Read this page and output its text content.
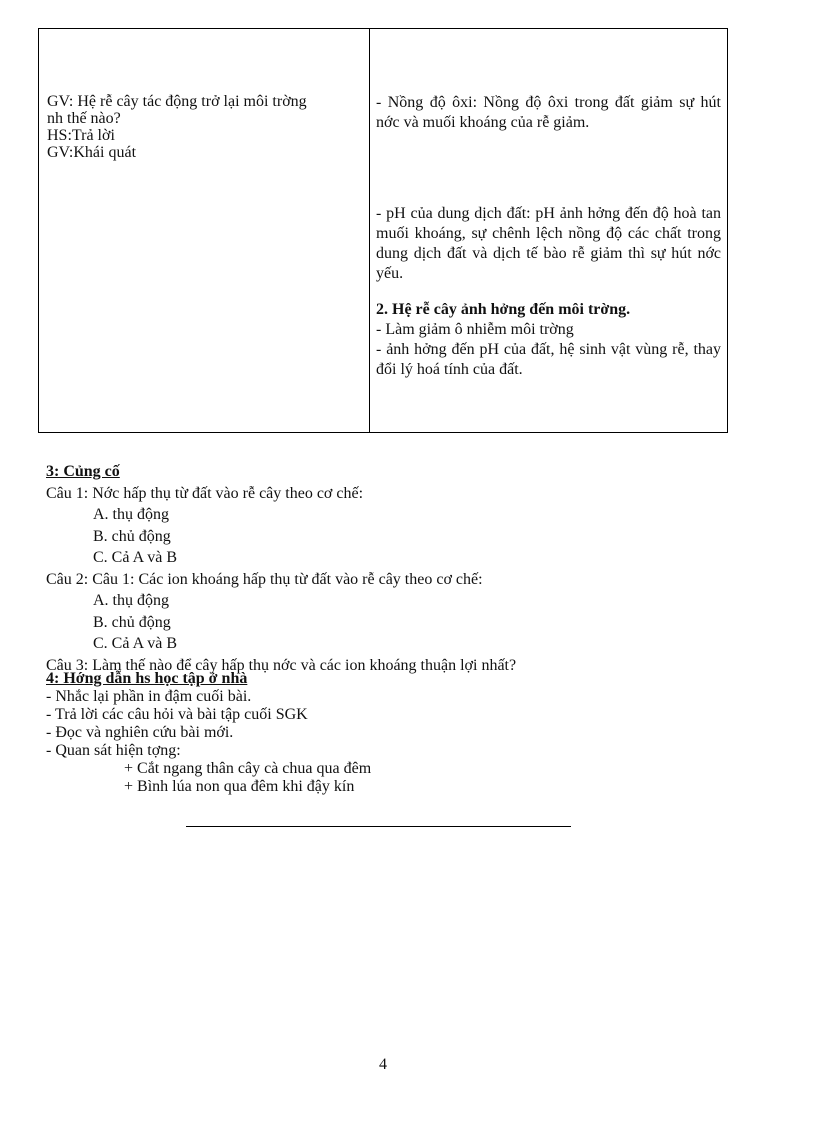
GV: Hệ rễ cây tác động trở lại môi trờng
nh thế nào?
HS:Trả lời
GV:Khái quát

- Nồng độ ôxi: Nồng độ ôxi trong đất giảm sự hút nớc và muối khoáng của rễ giảm.

- pH của dung dịch đất: pH ảnh hởng đến độ hoà tan muối khoáng, sự chênh lệch nồng độ các chất trong dung dịch đất và dịch tế bào rễ giảm thì sự hút nớc yếu.

2. Hệ rễ cây ảnh hởng đến môi trờng.

- Làm giảm ô nhiễm môi trờng

- ảnh hởng đến pH của đất, hệ sinh vật vùng rễ, thay đổi lý hoá tính của đất.

3: Củng cố
Câu 1: Nớc hấp thụ từ đất vào rễ cây theo cơ chế:
A. thụ động
B. chủ động
C. Cả A và B
Câu 2: Câu 1: Các ion khoáng hấp thụ từ đất vào rễ cây theo cơ chế:
A. thụ động
B. chủ động
C. Cả A và B
Câu 3: Làm thế nào để cây hấp thụ nớc và các ion khoáng thuận lợi nhất?
4: Hớng dẫn hs học tập ở nhà
- Nhắc lại phần in đậm cuối bài.
- Trả lời các câu hỏi và bài tập cuối SGK
- Đọc và nghiên cứu bài mới.
- Quan sát hiện tợng:
+ Cắt ngang thân cây cà chua qua đêm
+ Bình lúa non qua đêm khi đậy kín
4
